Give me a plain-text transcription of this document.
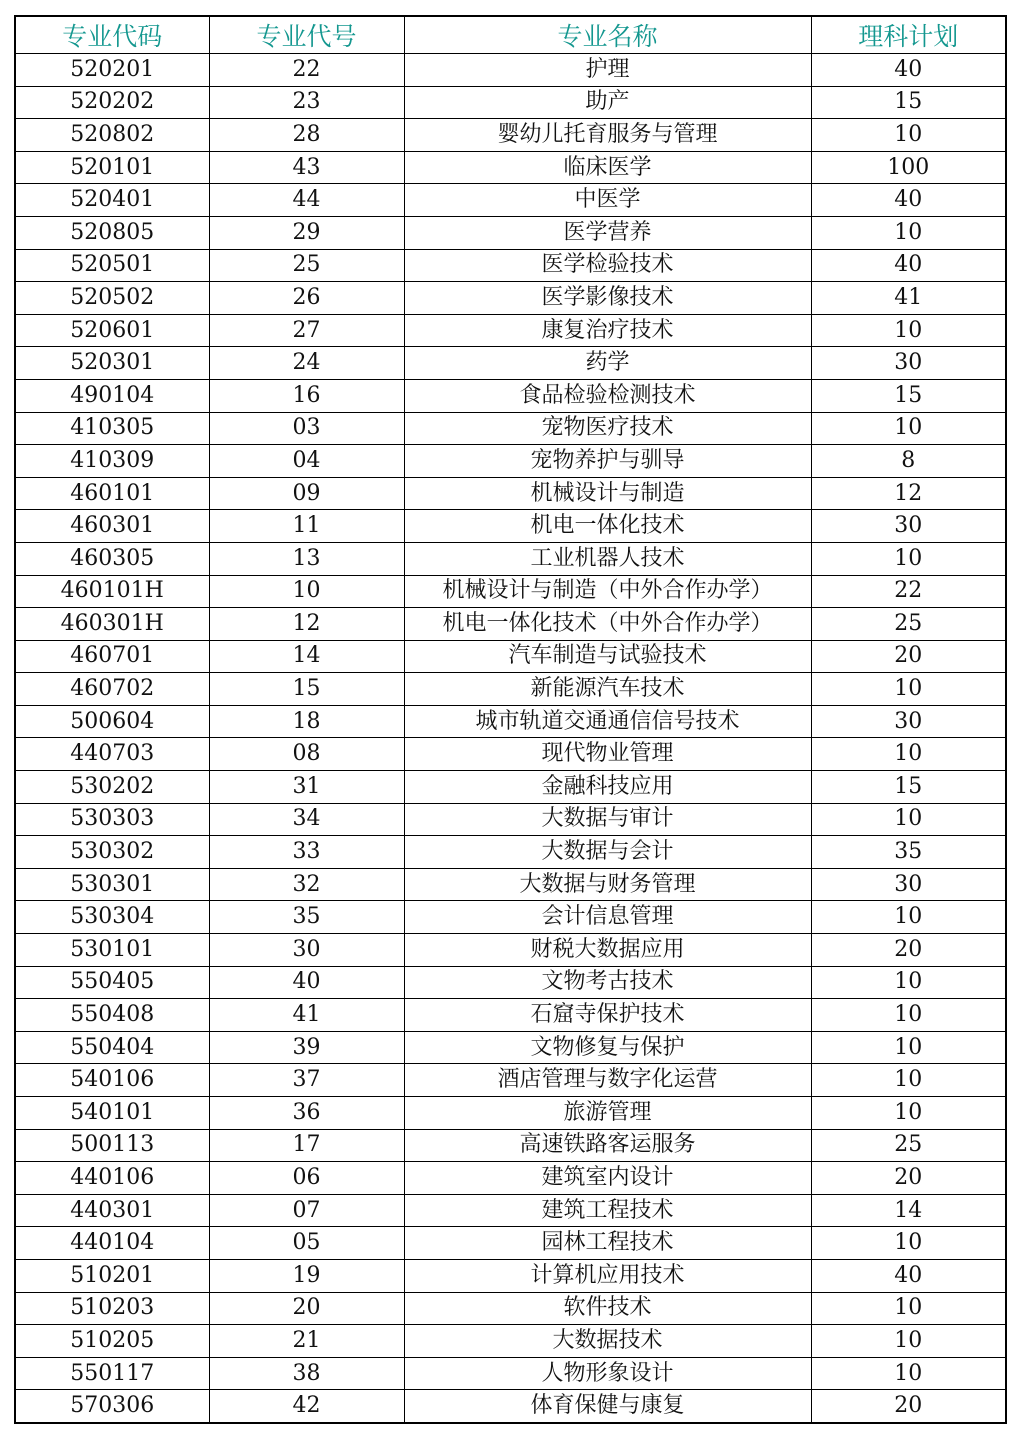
专业代码	专业代号	专业名称	理科计划
520201	22	护理	40
520202	23	助产	15
520802	28	婴幼儿托育服务与管理	10
520101	43	临床医学	100
520401	44	中医学	40
520805	29	医学营养	10
520501	25	医学检验技术	40
520502	26	医学影像技术	41
520601	27	康复治疗技术	10
520301	24	药学	30
490104	16	食品检验检测技术	15
410305	03	宠物医疗技术	10
410309	04	宠物养护与驯导	8
460101	09	机械设计与制造	12
460301	11	机电一体化技术	30
460305	13	工业机器人技术	10
460101H	10	机械设计与制造（中外合作办学）	22
460301H	12	机电一体化技术（中外合作办学）	25
460701	14	汽车制造与试验技术	20
460702	15	新能源汽车技术	10
500604	18	城市轨道交通通信信号技术	30
440703	08	现代物业管理	10
530202	31	金融科技应用	15
530303	34	大数据与审计	10
530302	33	大数据与会计	35
530301	32	大数据与财务管理	30
530304	35	会计信息管理	10
530101	30	财税大数据应用	20
550405	40	文物考古技术	10
550408	41	石窟寺保护技术	10
550404	39	文物修复与保护	10
540106	37	酒店管理与数字化运营	10
540101	36	旅游管理	10
500113	17	高速铁路客运服务	25
440106	06	建筑室内设计	20
440301	07	建筑工程技术	14
440104	05	园林工程技术	10
510201	19	计算机应用技术	40
510203	20	软件技术	10
510205	21	大数据技术	10
550117	38	人物形象设计	10
570306	42	体育保健与康复	20
